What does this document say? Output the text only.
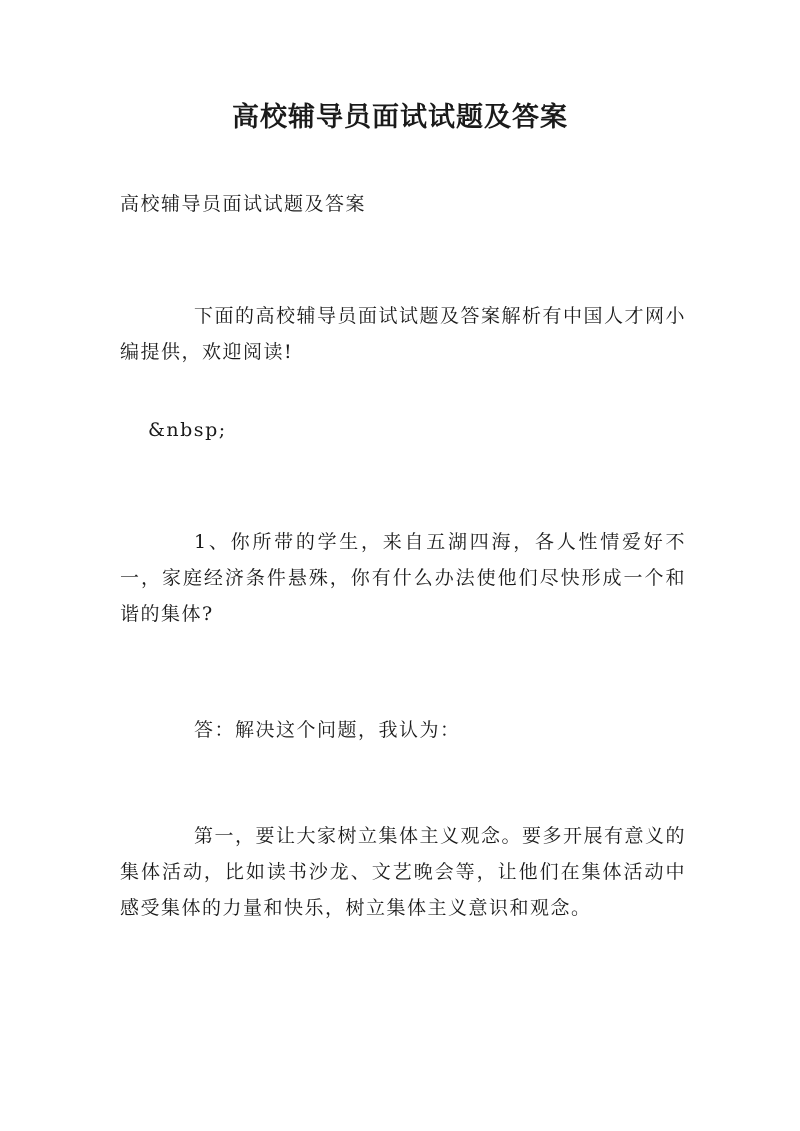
高校辅导员面试试题及答案

高校辅导员面试试题及答案

下面的高校辅导员面试试题及答案解析有中国人才网小编提供，欢迎阅读!

&nbsp;

1、你所带的学生，来自五湖四海，各人性情爱好不一，家庭经济条件悬殊，你有什么办法使他们尽快形成一个和谐的集体?

答：解决这个问题，我认为：

第一，要让大家树立集体主义观念。要多开展有意义的集体活动，比如读书沙龙、文艺晚会等，让他们在集体活动中感受集体的力量和快乐，树立集体主义意识和观念。
